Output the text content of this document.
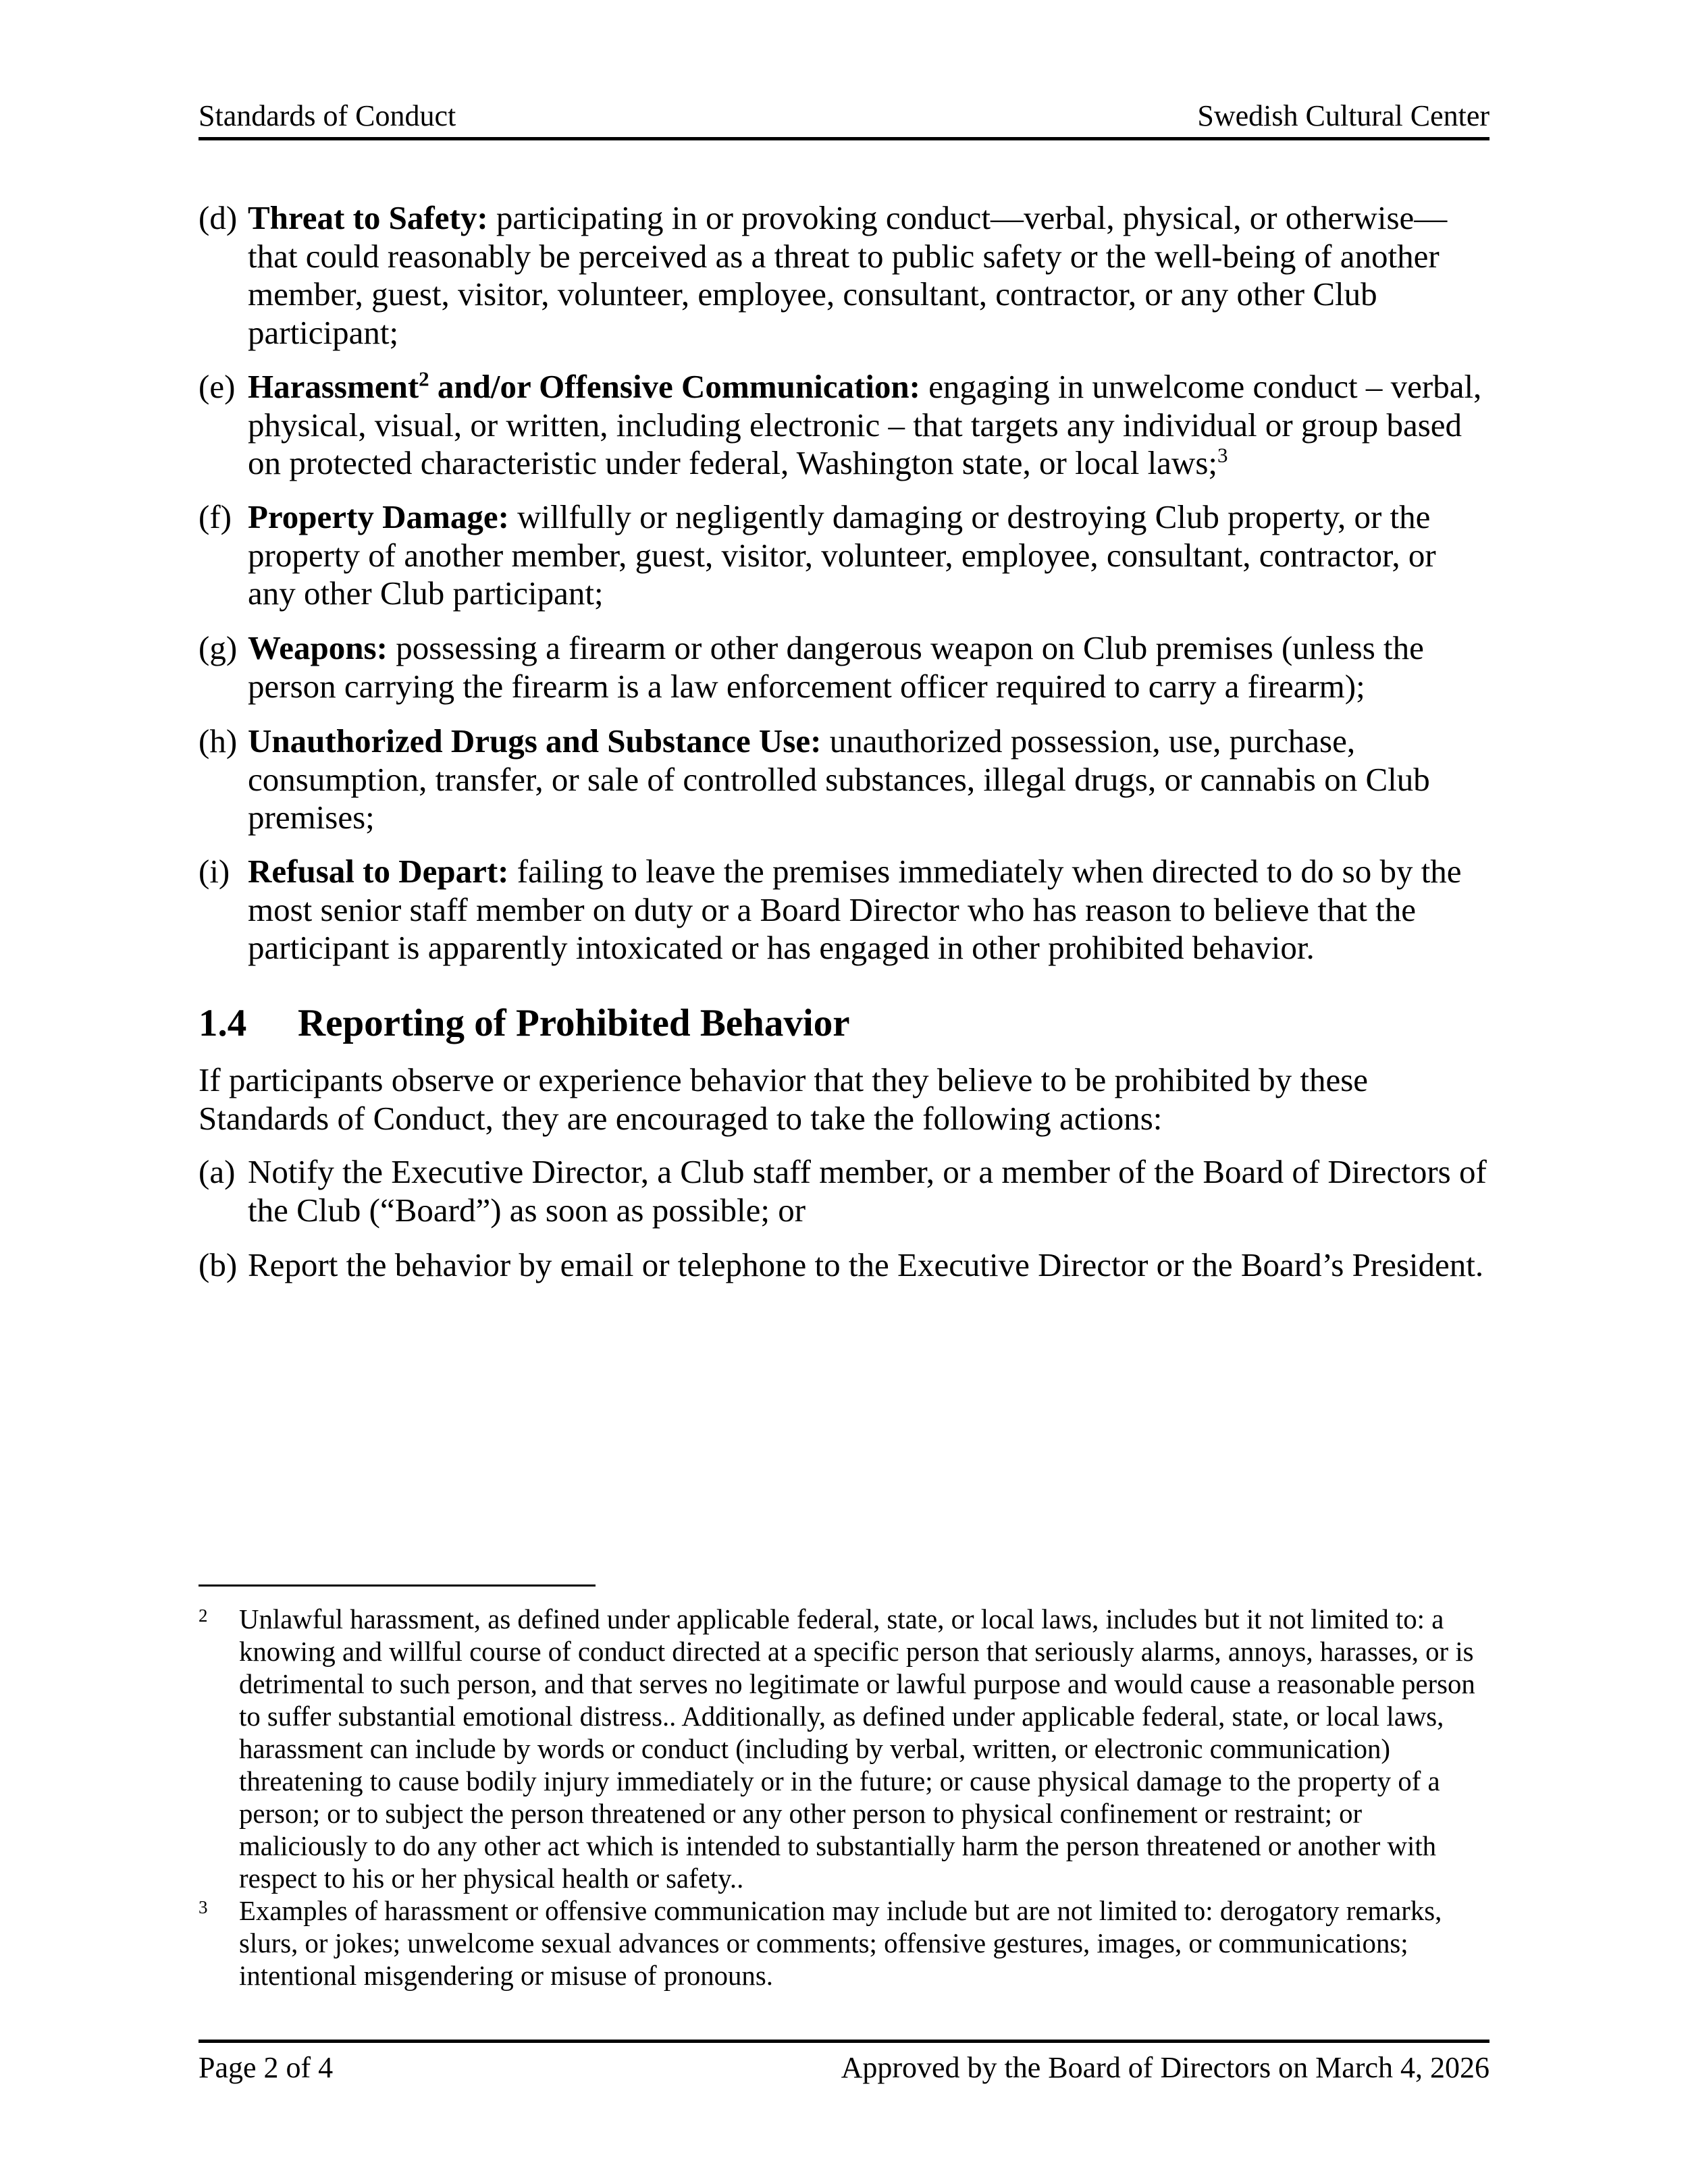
Standards of Conduct	Swedish Cultural Center
(d) Threat to Safety: participating in or provoking conduct—verbal, physical, or otherwise—that could reasonably be perceived as a threat to public safety or the well-being of another member, guest, visitor, volunteer, employee, consultant, contractor, or any other Club participant;
(e) Harassment$^2$ and/or Offensive Communication: engaging in unwelcome conduct – verbal, physical, visual, or written, including electronic – that targets any individual or group based on protected characteristic under federal, Washington state, or local laws;$^3$
(f) Property Damage: willfully or negligently damaging or destroying Club property, or the property of another member, guest, visitor, volunteer, employee, consultant, contractor, or any other Club participant;
(g) Weapons: possessing a firearm or other dangerous weapon on Club premises (unless the person carrying the firearm is a law enforcement officer required to carry a firearm);
(h) Unauthorized Drugs and Substance Use: unauthorized possession, use, purchase, consumption, transfer, or sale of controlled substances, illegal drugs, or cannabis on Club premises;
(i) Refusal to Depart: failing to leave the premises immediately when directed to do so by the most senior staff member on duty or a Board Director who has reason to believe that the participant is apparently intoxicated or has engaged in other prohibited behavior.
1.4 Reporting of Prohibited Behavior
If participants observe or experience behavior that they believe to be prohibited by these Standards of Conduct, they are encouraged to take the following actions:
(a) Notify the Executive Director, a Club staff member, or a member of the Board of Directors of the Club (“Board”) as soon as possible; or
(b) Report the behavior by email or telephone to the Executive Director or the Board’s President.
2 Unlawful harassment, as defined under applicable federal, state, or local laws, includes but it not limited to: a knowing and willful course of conduct directed at a specific person that seriously alarms, annoys, harasses, or is detrimental to such person, and that serves no legitimate or lawful purpose and would cause a reasonable person to suffer substantial emotional distress.. Additionally, as defined under applicable federal, state, or local laws, harassment can include by words or conduct (including by verbal, written, or electronic communication) threatening to cause bodily injury immediately or in the future; or cause physical damage to the property of a person; or to subject the person threatened or any other person to physical confinement or restraint; or maliciously to do any other act which is intended to substantially harm the person threatened or another with respect to his or her physical health or safety..
3 Examples of harassment or offensive communication may include but are not limited to: derogatory remarks, slurs, or jokes; unwelcome sexual advances or comments; offensive gestures, images, or communications; intentional misgendering or misuse of pronouns.
Page 2 of 4	Approved by the Board of Directors on March 4, 2026
